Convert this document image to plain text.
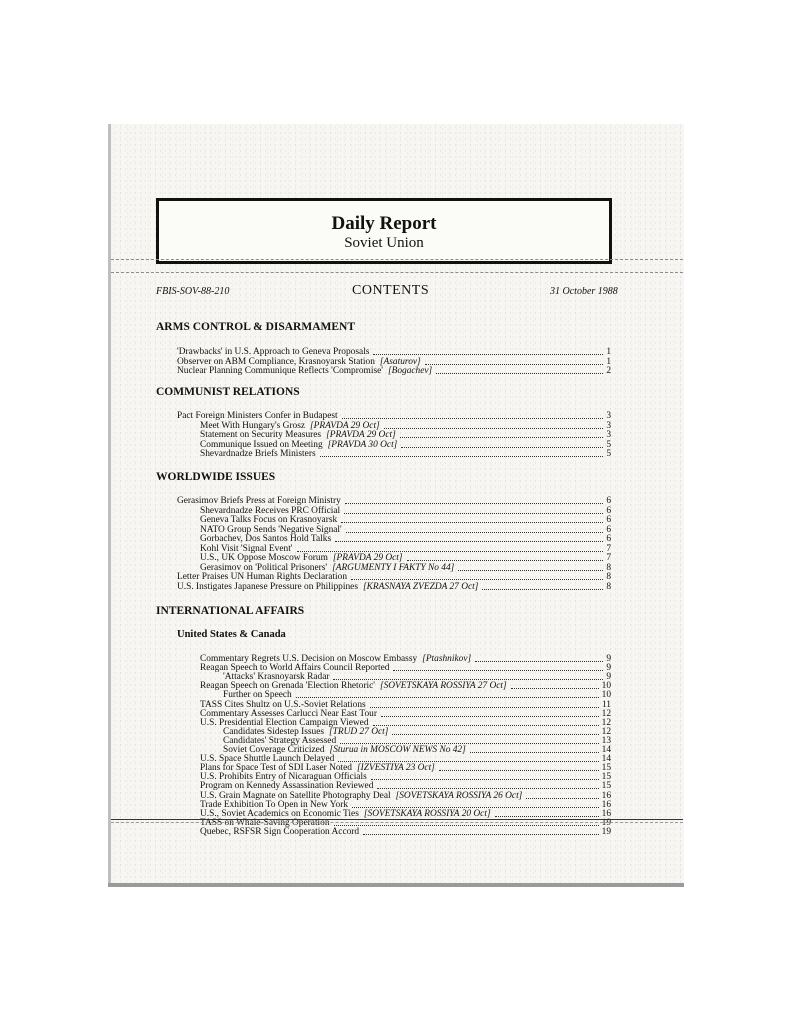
Daily Report
Soviet Union
FBIS-SOV-88-210	CONTENTS	31 October 1988
ARMS CONTROL & DISARMAMENT
'Drawbacks' in U.S. Approach to Geneva Proposals	1
Observer on ABM Compliance, Krasnoyarsk Station [Asaturov]	1
Nuclear Planning Communique Reflects 'Compromise' [Bogachev]	2
COMMUNIST RELATIONS
Pact Foreign Ministers Confer in Budapest	3
Meet With Hungary's Grosz [PRAVDA 29 Oct]	3
Statement on Security Measures [PRAVDA 29 Oct]	3
Communique Issued on Meeting [PRAVDA 30 Oct]	5
Shevardnadze Briefs Ministers	5
WORLDWIDE ISSUES
Gerasimov Briefs Press at Foreign Ministry	6
Shevardnadze Receives PRC Official	6
Geneva Talks Focus on Krasnoyarsk	6
NATO Group Sends 'Negative Signal'	6
Gorbachev, Dos Santos Hold Talks	6
Kohl Visit 'Signal Event'	7
U.S., UK Oppose Moscow Forum [PRAVDA 29 Oct]	7
Gerasimov on 'Political Prisoners' [ARGUMENTY I FAKTY No 44]	8
Letter Praises UN Human Rights Declaration	8
U.S. Instigates Japanese Pressure on Philippines [KRASNAYA ZVEZDA 27 Oct]	8
INTERNATIONAL AFFAIRS
United States & Canada
Commentary Regrets U.S. Decision on Moscow Embassy [Ptashnikov]	9
Reagan Speech to World Affairs Council Reported	9
'Attacks' Krasnoyarsk Radar	9
Reagan Speech on Grenada 'Election Rhetoric' [SOVETSKAYA ROSSIYA 27 Oct]	10
Further on Speech	10
TASS Cites Shultz on U.S.-Soviet Relations	11
Commentary Assesses Carlucci Near East Tour	12
U.S. Presidential Election Campaign Viewed	12
Candidates Sidestep Issues [TRUD 27 Oct]	12
Candidates' Strategy Assessed	13
Soviet Coverage Criticized [Sturua in MOSCOW NEWS No 42]	14
U.S. Space Shuttle Launch Delayed	14
Plans for Space Test of SDI Laser Noted [IZVESTIYA 23 Oct]	15
U.S. Prohibits Entry of Nicaraguan Officials	15
Program on Kennedy Assassination Reviewed	15
U.S. Grain Magnate on Satellite Photography Deal [SOVETSKAYA ROSSIYA 26 Oct]	16
Trade Exhibition To Open in New York	16
U.S., Soviet Academics on Economic Ties [SOVETSKAYA ROSSIYA 20 Oct]	16
TASS on Whale-Saving Operation	19
Quebec, RSFSR Sign Cooperation Accord	19
